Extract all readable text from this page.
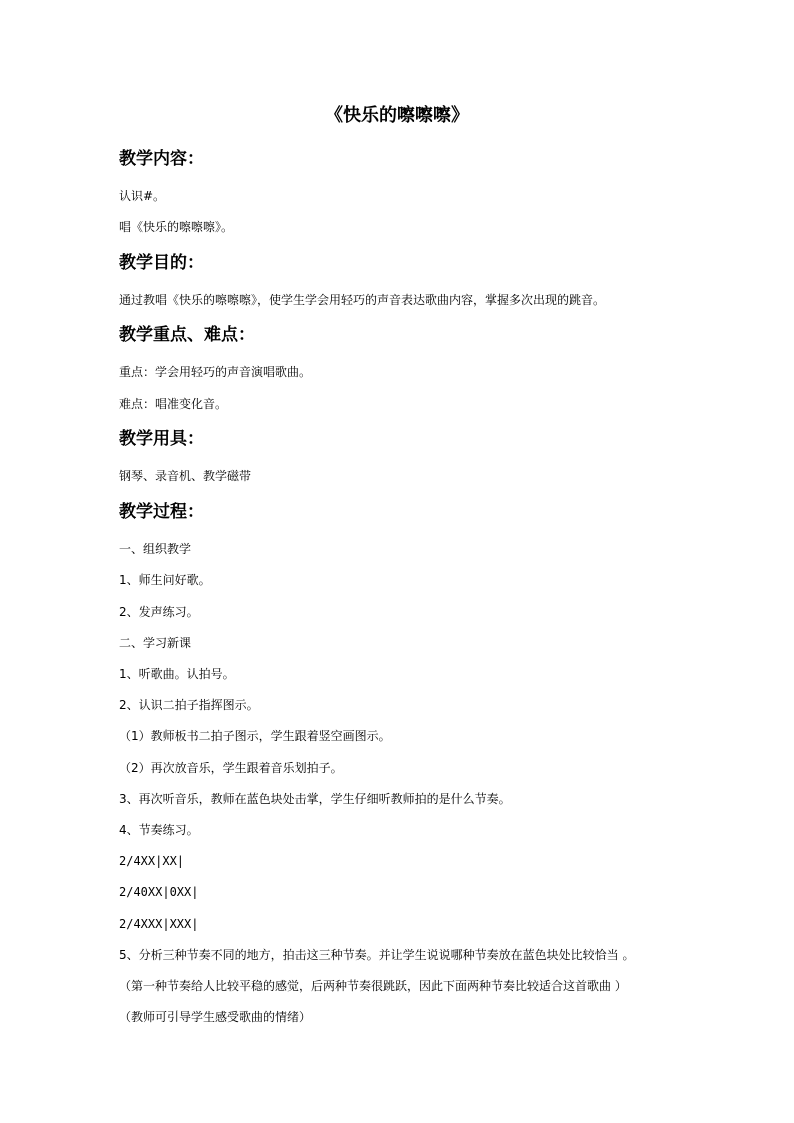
《快乐的嚓嚓嚓》
教学内容：
认识#。
唱《快乐的嚓嚓嚓》。
教学目的：
通过教唱《快乐的嚓嚓嚓》，使学生学会用轻巧的声音表达歌曲内容，掌握多次出现的跳音。
教学重点、难点：
重点：学会用轻巧的声音演唱歌曲。
难点：唱准变化音。
教学用具：
钢琴、录音机、教学磁带
教学过程：
一、组织教学
1、师生问好歌。
2、发声练习。
二、学习新课
1、听歌曲。认拍号。
2、认识二拍子指挥图示。
（1）教师板书二拍子图示，学生跟着竖空画图示。
（2）再次放音乐，学生跟着音乐划拍子。
3、再次听音乐，教师在蓝色块处击掌，学生仔细听教师拍的是什么节奏。
4、节奏练习。
2/4XX|XX|
2/40XX|0XX|
2/4XXX|XXX|
5、分析三种节奏不同的地方，拍击这三种节奏。并让学生说说哪种节奏放在蓝色块处比较恰当 。
（第一种节奏给人比较平稳的感觉，后两种节奏很跳跃，因此下面两种节奏比较适合这首歌曲 ）
（教师可引导学生感受歌曲的情绪）
